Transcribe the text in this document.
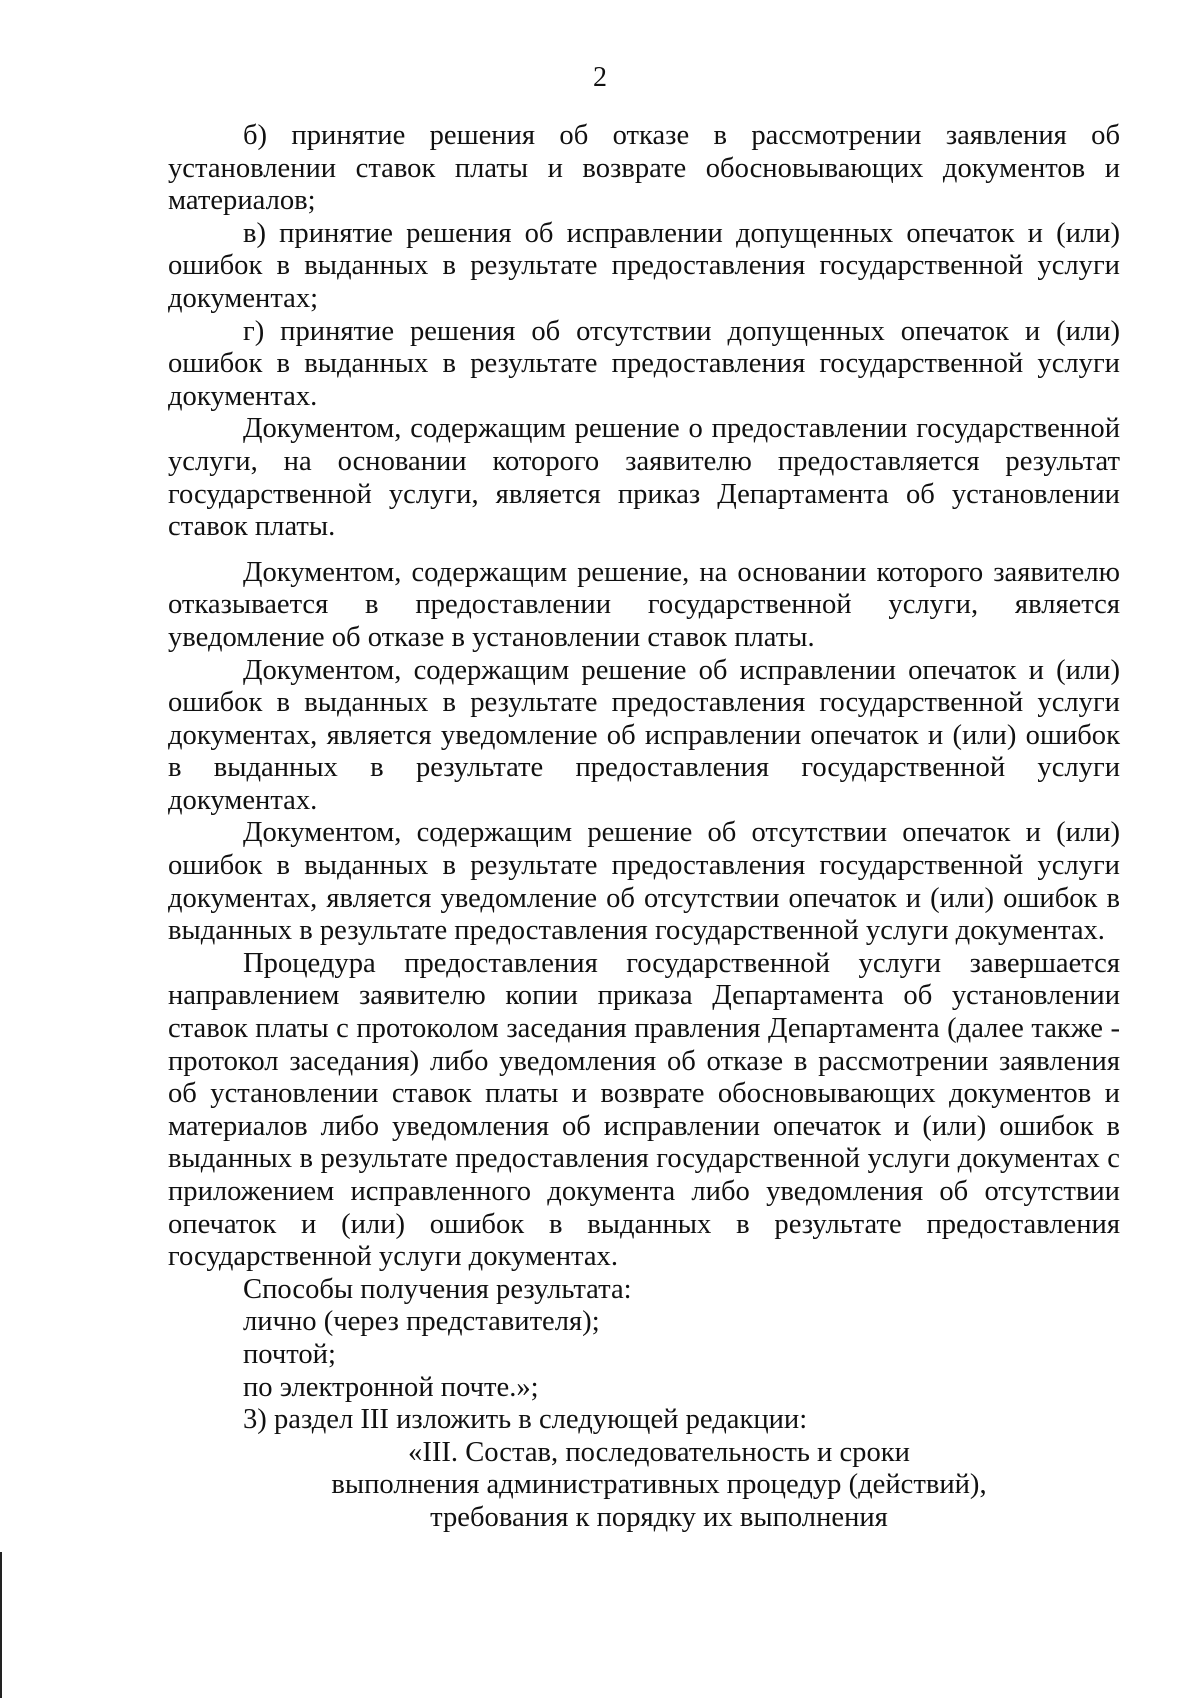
2

б) принятие решения об отказе в рассмотрении заявления об установлении ставок платы и возврате обосновывающих документов и материалов;

в) принятие решения об исправлении допущенных опечаток и (или) ошибок в выданных в результате предоставления государственной услуги документах;

г) принятие решения об отсутствии допущенных опечаток и (или) ошибок в выданных в результате предоставления государственной услуги документах.

Документом, содержащим решение о предоставлении государственной услуги, на основании которого заявителю предоставляется результат государственной услуги, является приказ Департамента об установлении ставок платы.

Документом, содержащим решение, на основании которого заявителю отказывается в предоставлении государственной услуги, является уведомление об отказе в установлении ставок платы.

Документом, содержащим решение об исправлении опечаток и (или) ошибок в выданных в результате предоставления государственной услуги документах, является уведомление об исправлении опечаток и (или) ошибок в выданных в результате предоставления государственной услуги документах.

Документом, содержащим решение об отсутствии опечаток и (или) ошибок в выданных в результате предоставления государственной услуги документах, является уведомление об отсутствии опечаток и (или) ошибок в выданных в результате предоставления государственной услуги документах.

Процедура предоставления государственной услуги завершается направлением заявителю копии приказа Департамента об установлении ставок платы с протоколом заседания правления Департамента (далее также - протокол заседания) либо уведомления об отказе в рассмотрении заявления об установлении ставок платы и возврате обосновывающих документов и материалов либо уведомления об исправлении опечаток и (или) ошибок в выданных в результате предоставления государственной услуги документах с приложением исправленного документа либо уведомления об отсутствии опечаток и (или) ошибок в выданных в результате предоставления государственной услуги документах.

Способы получения результата:

лично (через представителя);

почтой;

по электронной почте.»;

3) раздел III изложить в следующей редакции:

«III. Состав, последовательность и сроки

выполнения административных процедур (действий),

требования к порядку их выполнения
